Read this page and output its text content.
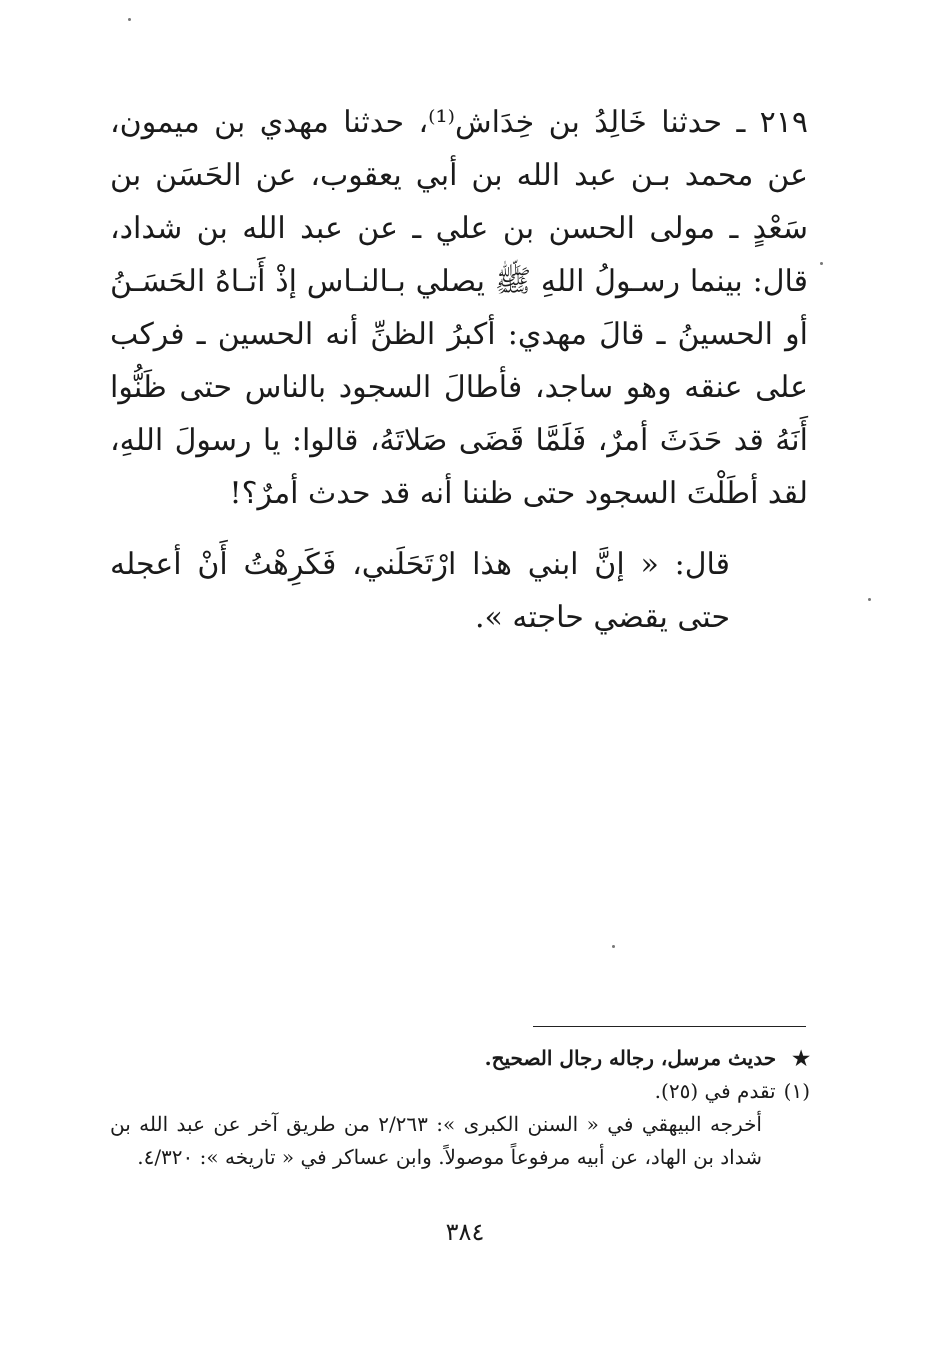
٢١٩ ـ حدثنا خَالِدُ بن خِدَاش⁽¹⁾، حدثنا مهدي بن ميمون، عن محمد بـن عبد الله بن أبي يعقوب، عن الحَسَن بن سَعْدٍ ـ مولى الحسن بن علي ـ عن عبد الله بن شداد، قال: بينما رسـولُ اللهِ ﷺ يصلي بـالنـاس إذْ أَتـاهُ الحَسَـنُ أو الحسينُ ـ قالَ مهدي: أكبرُ الظنِّ أنه الحسين ـ فركب على عنقه وهو ساجد، فأطالَ السجود بالناس حتى ظَنُّوا أَنَهُ قد حَدَثَ أمرٌ، فَلَمَّا قَضَى صَلاتَهُ، قالوا: يا رسولَ اللهِ، لقد أطَلْتَ السجود حتى ظننا أنه قد حدث أمرٌ؟!

قال: « إنَّ ابني هذا ارْتَحَلَني، فَكَرِهْتُ أَنْ أعجله حتى يقضي حاجته ».

★حديث مرسل، رجاله رجال الصحيح.

(١)تقدم في (٢٥).

أخرجه البيهقي في « السنن الكبرى »: ٢/٢٦٣ من طريق آخر عن عبد الله بن شداد بن الهاد، عن أبيه مرفوعاً موصولاً. وابن عساكر في « تاريخه »: ٤/٣٢٠.

٣٨٤
